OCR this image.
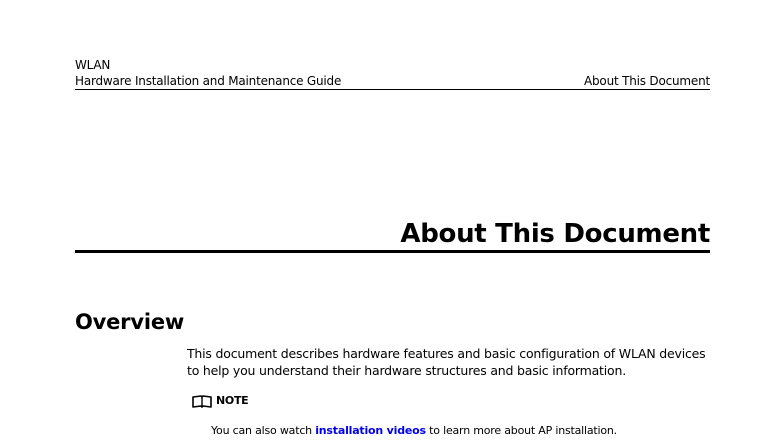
WLAN
Hardware Installation and Maintenance Guide	About This Document
About This Document
Overview
This document describes hardware features and basic configuration of WLAN devices to help you understand their hardware structures and basic information.
NOTE
You can also watch installation videos to learn more about AP installation.
